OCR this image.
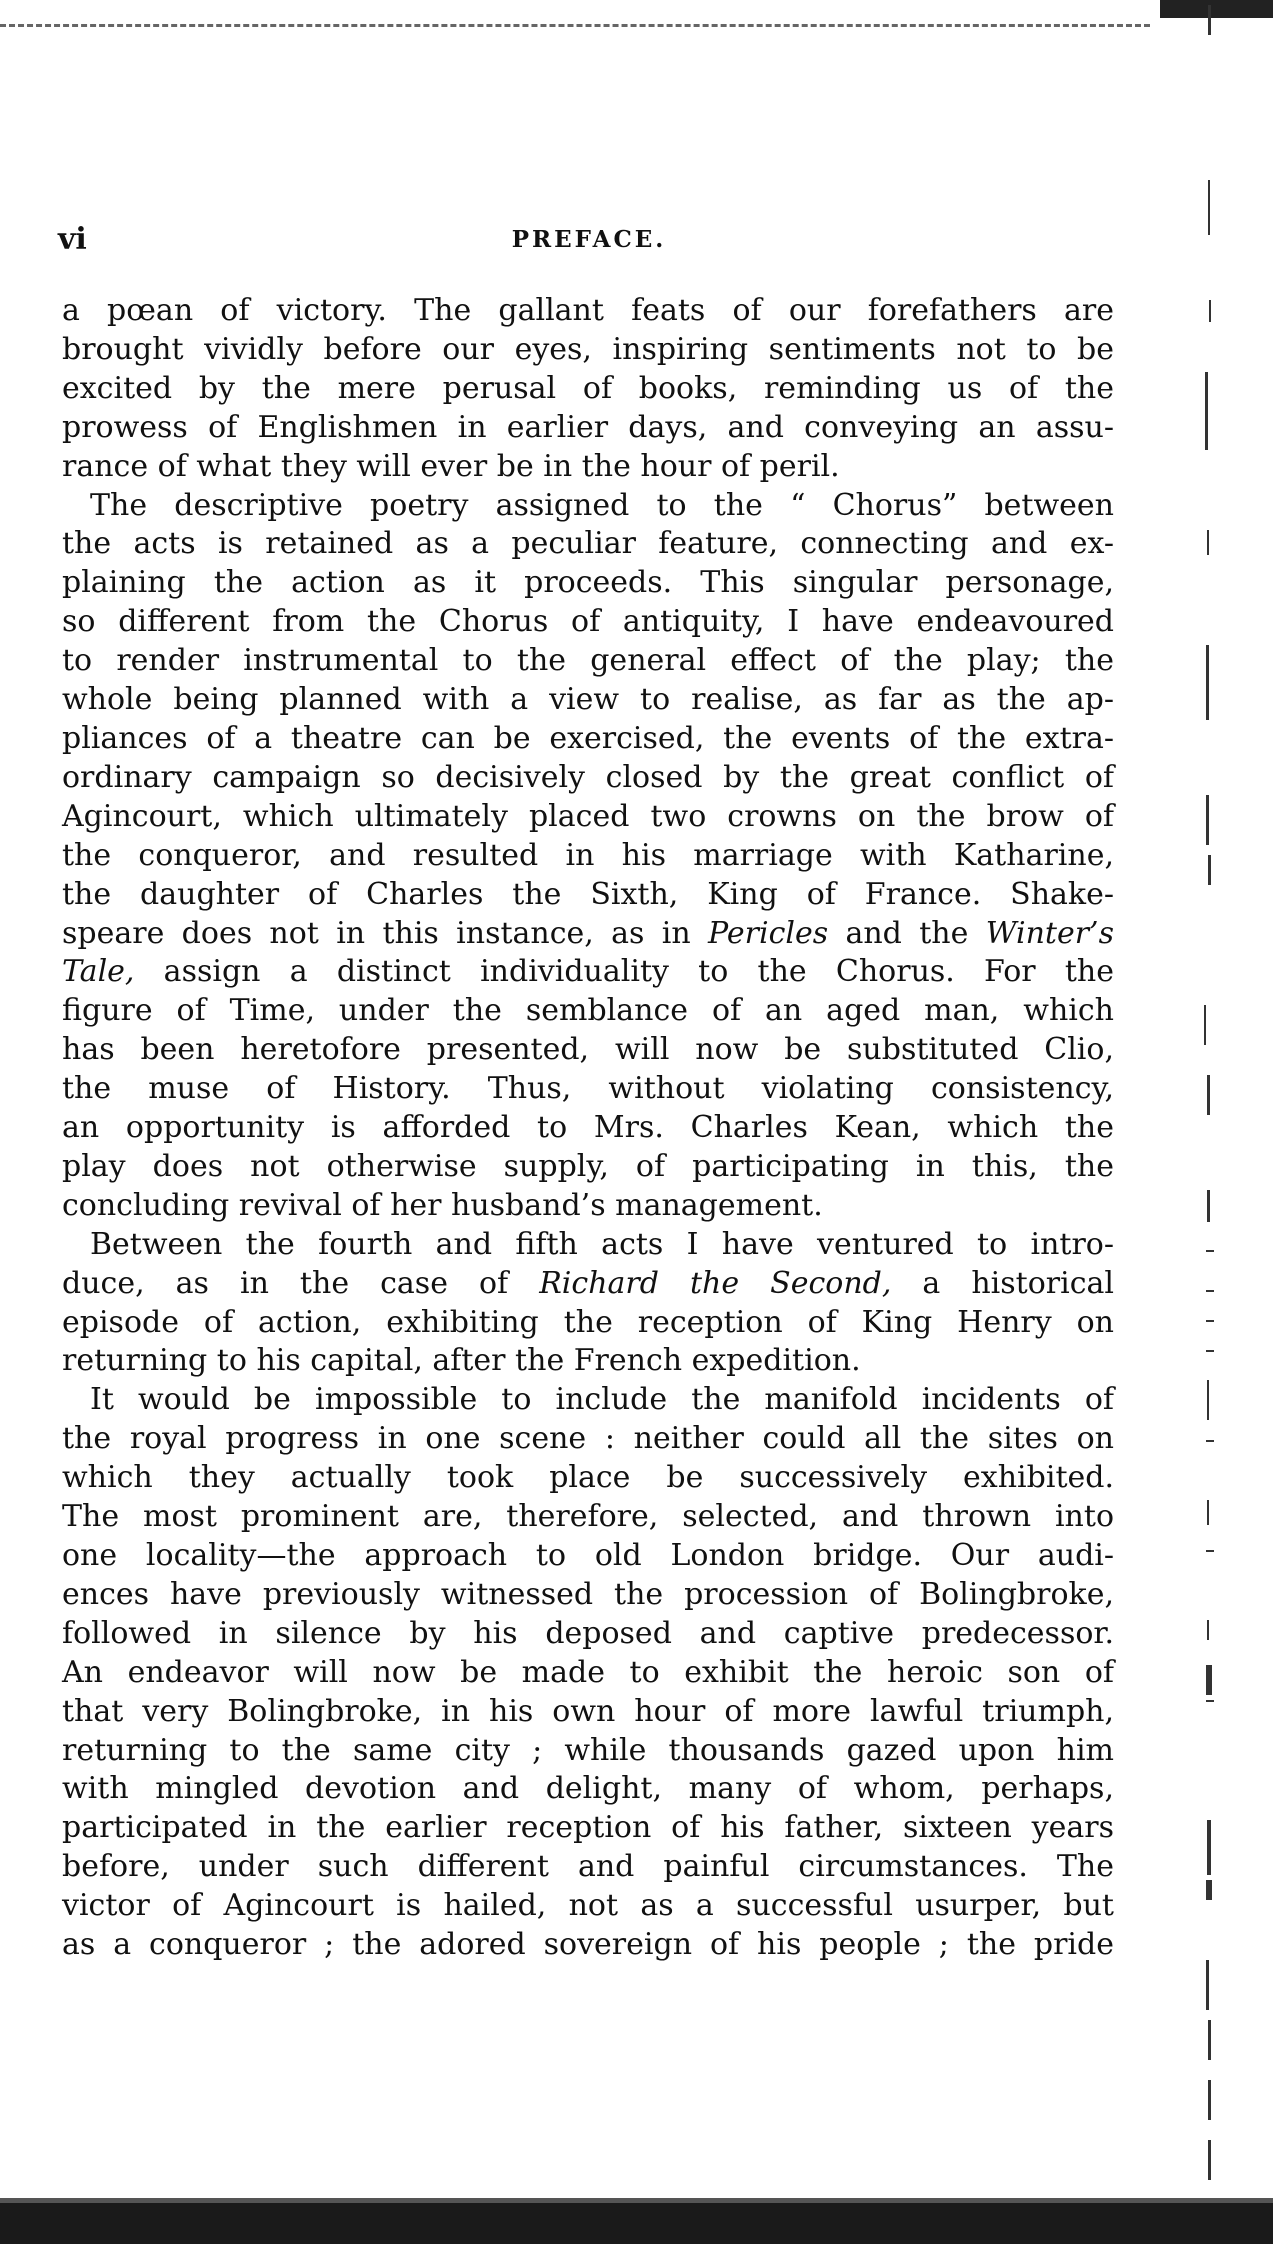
vi	PREFACE.
a pœan of victory. The gallant feats of our forefathers are
brought vividly before our eyes, inspiring sentiments not to be
excited by the mere perusal of books, reminding us of the
prowess of Englishmen in earlier days, and conveying an assu-
rance of what they will ever be in the hour of peril.
The descriptive poetry assigned to the “ Chorus” between
the acts is retained as a peculiar feature, connecting and ex-
plaining the action as it proceeds. This singular personage,
so different from the Chorus of antiquity, I have endeavoured
to render instrumental to the general effect of the play; the
whole being planned with a view to realise, as far as the ap-
pliances of a theatre can be exercised, the events of the extra-
ordinary campaign so decisively closed by the great conflict of
Agincourt, which ultimately placed two crowns on the brow of
the conqueror, and resulted in his marriage with Katharine,
the daughter of Charles the Sixth, King of France. Shake-
speare does not in this instance, as in Pericles and the Winter’s
Tale, assign a distinct individuality to the Chorus. For the
figure of Time, under the semblance of an aged man, which
has been heretofore presented, will now be substituted Clio,
the muse of History. Thus, without violating consistency,
an opportunity is afforded to Mrs. Charles Kean, which the
play does not otherwise supply, of participating in this, the
concluding revival of her husband’s management.
Between the fourth and fifth acts I have ventured to intro-
duce, as in the case of Richard the Second, a historical
episode of action, exhibiting the reception of King Henry on
returning to his capital, after the French expedition.
It would be impossible to include the manifold incidents of
the royal progress in one scene : neither could all the sites on
which they actually took place be successively exhibited.
The most prominent are, therefore, selected, and thrown into
one locality—the approach to old London bridge. Our audi-
ences have previously witnessed the procession of Bolingbroke,
followed in silence by his deposed and captive predecessor.
An endeavor will now be made to exhibit the heroic son of
that very Bolingbroke, in his own hour of more lawful triumph,
returning to the same city ; while thousands gazed upon him
with mingled devotion and delight, many of whom, perhaps,
participated in the earlier reception of his father, sixteen years
before, under such different and painful circumstances. The
victor of Agincourt is hailed, not as a successful usurper, but
as a conqueror ; the adored sovereign of his people ; the pride
